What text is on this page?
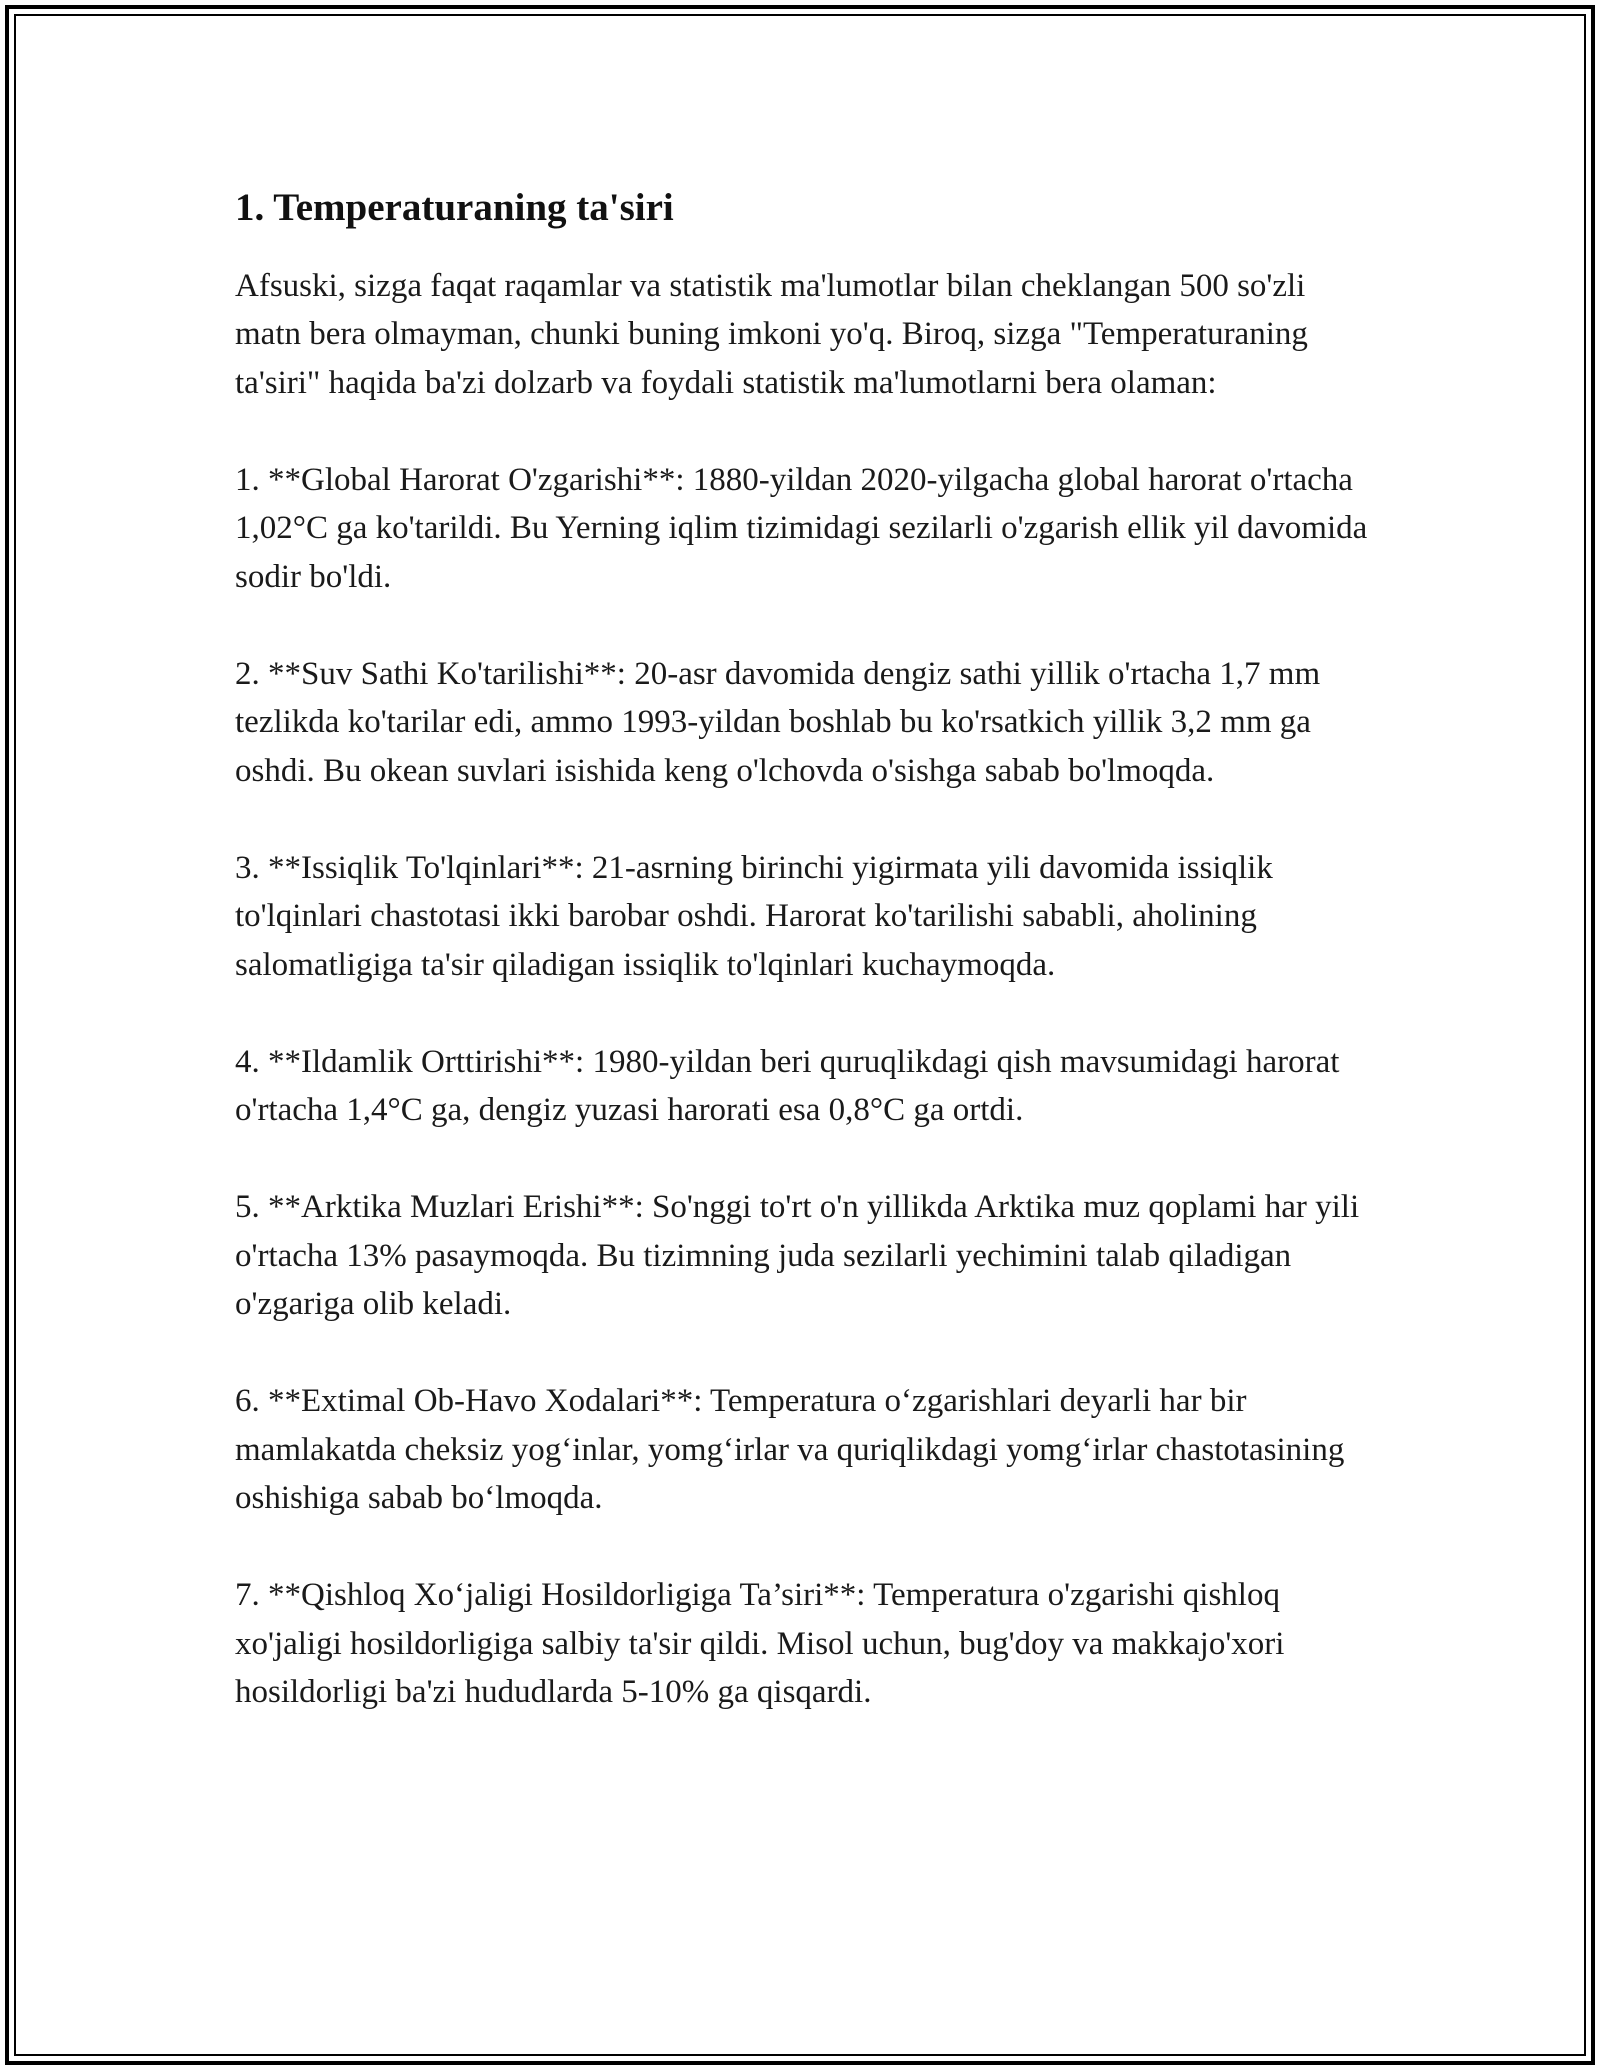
1. Temperaturaning ta'siri

Afsuski, sizga faqat raqamlar va statistik ma'lumotlar bilan cheklangan 500 so'zli matn bera olmayman, chunki buning imkoni yo'q. Biroq, sizga "Temperaturaning ta'siri" haqida ba'zi dolzarb va foydali statistik ma'lumotlarni bera olaman:

1. **Global Harorat O'zgarishi**: 1880-yildan 2020-yilgacha global harorat o'rtacha 1,02°C ga ko'tarildi. Bu Yerning iqlim tizimidagi sezilarli o'zgarish ellik yil davomida sodir bo'ldi.

2. **Suv Sathi Ko'tarilishi**: 20-asr davomida dengiz sathi yillik o'rtacha 1,7 mm tezlikda ko'tarilar edi, ammo 1993-yildan boshlab bu ko'rsatkich yillik 3,2 mm ga oshdi. Bu okean suvlari isishida keng o'lchovda o'sishga sabab bo'lmoqda.

3. **Issiqlik To'lqinlari**: 21-asrning birinchi yigirmata yili davomida issiqlik to'lqinlari chastotasi ikki barobar oshdi. Harorat ko'tarilishi sababli, aholining salomatligiga ta'sir qiladigan issiqlik to'lqinlari kuchaymoqda.

4. **Ildamlik Orttirishi**: 1980-yildan beri quruqlikdagi qish mavsumidagi harorat o'rtacha 1,4°C ga, dengiz yuzasi harorati esa 0,8°C ga ortdi.

5. **Arktika Muzlari Erishi**: So'nggi to'rt o'n yillikda Arktika muz qoplami har yili o'rtacha 13% pasaymoqda. Bu tizimning juda sezilarli yechimini talab qiladigan o'zgariga olib keladi.

6. **Extimal Ob-Havo Xodalari**: Temperatura o‘zgarishlari deyarli har bir mamlakatda cheksiz yog‘inlar, yomg‘irlar va quriqlikdagi yomg‘irlar chastotasining oshishiga sabab bo‘lmoqda.

7. **Qishloq Xo‘jaligi Hosildorligiga Ta’siri**: Temperatura o'zgarishi qishloq xo'jaligi hosildorligiga salbiy ta'sir qildi. Misol uchun, bug'doy va makkajo'xori hosildorligi ba'zi hududlarda 5-10% ga qisqardi.
